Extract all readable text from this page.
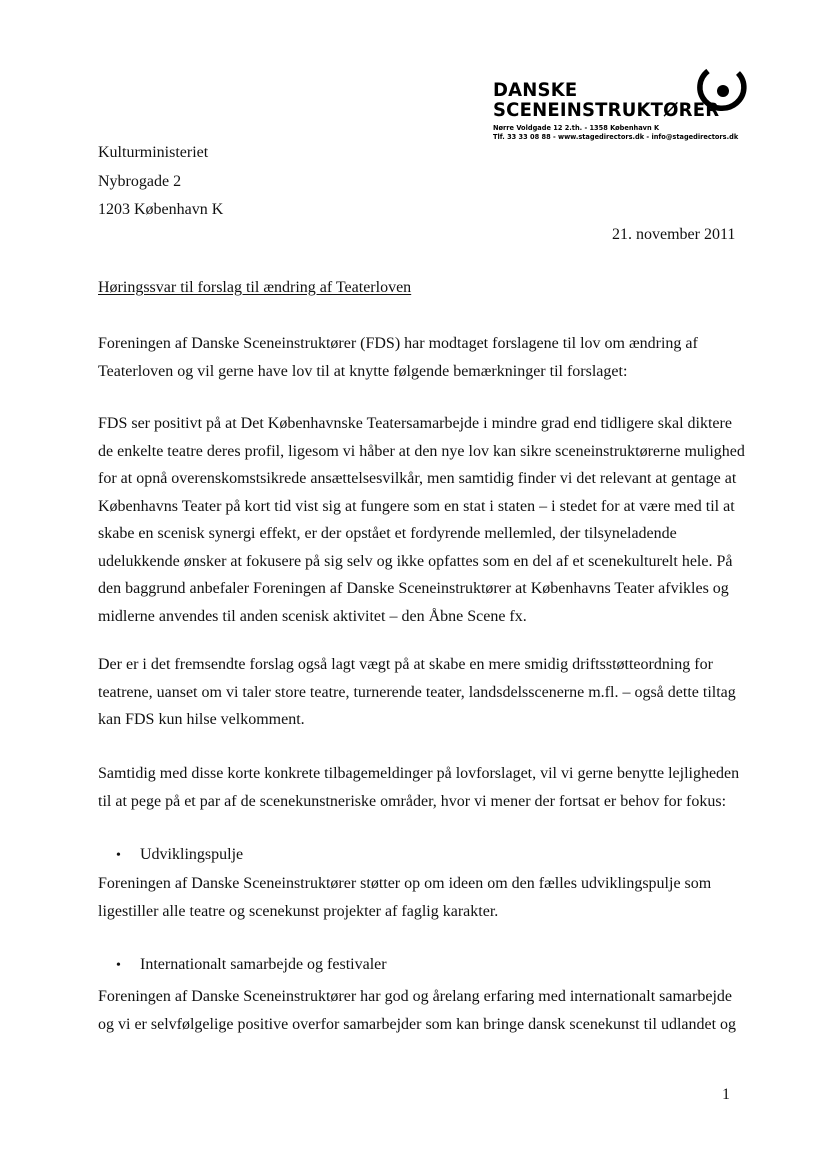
DANSKE
SCENEINSTRUKTØRER
Nørre Voldgade 12 2.th. - 1358 København K
Tlf. 33 33 08 88 - www.stagedirectors.dk - info@stagedirectors.dk
Kulturministeriet
Nybrogade 2
1203 København K
21. november 2011
Høringssvar til forslag til ændring af Teaterloven
Foreningen af Danske Sceneinstruktører (FDS) har modtaget forslagene til lov om ændring af
Teaterloven og vil gerne have lov til at knytte følgende bemærkninger til forslaget:
FDS ser positivt på at Det Københavnske Teatersamarbejde i mindre grad end tidligere skal diktere
de enkelte teatre deres profil, ligesom vi håber at den nye lov kan sikre sceneinstruktørerne mulighed
for at opnå overenskomstsikrede ansættelsesvilkår, men samtidig finder vi det relevant at gentage at
Københavns Teater på kort tid vist sig at fungere som en stat i staten – i stedet for at være med til at
skabe en scenisk synergi effekt, er der opstået et fordyrende mellemled, der tilsyneladende
udelukkende ønsker at fokusere på sig selv og ikke opfattes som en del af et scenekulturelt hele. På
den baggrund anbefaler Foreningen af Danske Sceneinstruktører at Københavns Teater afvikles og
midlerne anvendes til anden scenisk aktivitet – den Åbne Scene fx.
Der er i det fremsendte forslag også lagt vægt på at skabe en mere smidig driftsstøtteordning for
teatrene, uanset om vi taler store teatre, turnerende teater, landsdelsscenerne m.fl. – også dette tiltag
kan FDS kun hilse velkomment.
Samtidig med disse korte konkrete tilbagemeldinger på lovforslaget, vil vi gerne benytte lejligheden
til at pege på et par af de scenekunstneriske områder, hvor vi mener der fortsat er behov for fokus:
• Udviklingspulje
Foreningen af Danske Sceneinstruktører støtter op om ideen om den fælles udviklingspulje som
ligestiller alle teatre og scenekunst projekter af faglig karakter.
• Internationalt samarbejde og festivaler
Foreningen af Danske Sceneinstruktører har god og årelang erfaring med internationalt samarbejde
og vi er selvfølgelige positive overfor samarbejder som kan bringe dansk scenekunst til udlandet og
1
